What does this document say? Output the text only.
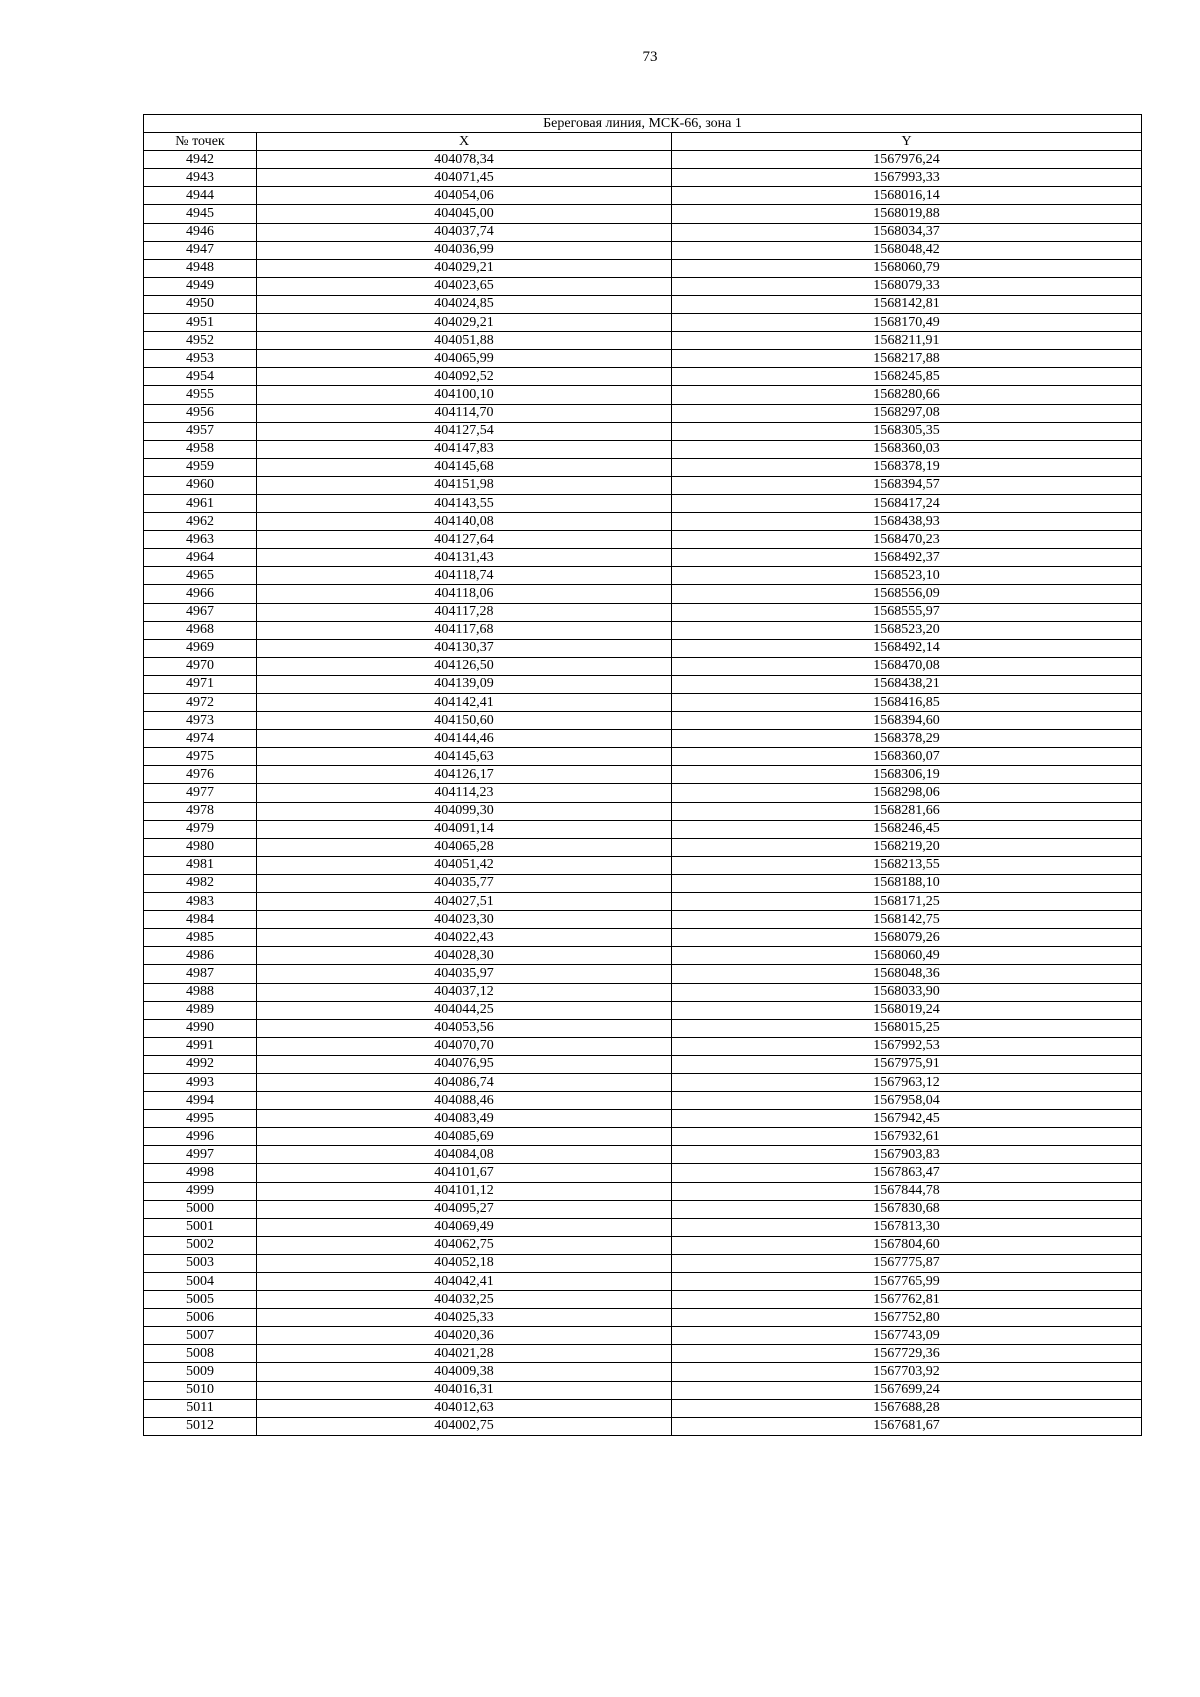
73
Береговая линия, МСК-66, зона 1		
№ точек	X	Y
4942	404078,34	1567976,24
4943	404071,45	1567993,33
4944	404054,06	1568016,14
4945	404045,00	1568019,88
4946	404037,74	1568034,37
4947	404036,99	1568048,42
4948	404029,21	1568060,79
4949	404023,65	1568079,33
4950	404024,85	1568142,81
4951	404029,21	1568170,49
4952	404051,88	1568211,91
4953	404065,99	1568217,88
4954	404092,52	1568245,85
4955	404100,10	1568280,66
4956	404114,70	1568297,08
4957	404127,54	1568305,35
4958	404147,83	1568360,03
4959	404145,68	1568378,19
4960	404151,98	1568394,57
4961	404143,55	1568417,24
4962	404140,08	1568438,93
4963	404127,64	1568470,23
4964	404131,43	1568492,37
4965	404118,74	1568523,10
4966	404118,06	1568556,09
4967	404117,28	1568555,97
4968	404117,68	1568523,20
4969	404130,37	1568492,14
4970	404126,50	1568470,08
4971	404139,09	1568438,21
4972	404142,41	1568416,85
4973	404150,60	1568394,60
4974	404144,46	1568378,29
4975	404145,63	1568360,07
4976	404126,17	1568306,19
4977	404114,23	1568298,06
4978	404099,30	1568281,66
4979	404091,14	1568246,45
4980	404065,28	1568219,20
4981	404051,42	1568213,55
4982	404035,77	1568188,10
4983	404027,51	1568171,25
4984	404023,30	1568142,75
4985	404022,43	1568079,26
4986	404028,30	1568060,49
4987	404035,97	1568048,36
4988	404037,12	1568033,90
4989	404044,25	1568019,24
4990	404053,56	1568015,25
4991	404070,70	1567992,53
4992	404076,95	1567975,91
4993	404086,74	1567963,12
4994	404088,46	1567958,04
4995	404083,49	1567942,45
4996	404085,69	1567932,61
4997	404084,08	1567903,83
4998	404101,67	1567863,47
4999	404101,12	1567844,78
5000	404095,27	1567830,68
5001	404069,49	1567813,30
5002	404062,75	1567804,60
5003	404052,18	1567775,87
5004	404042,41	1567765,99
5005	404032,25	1567762,81
5006	404025,33	1567752,80
5007	404020,36	1567743,09
5008	404021,28	1567729,36
5009	404009,38	1567703,92
5010	404016,31	1567699,24
5011	404012,63	1567688,28
5012	404002,75	1567681,67
